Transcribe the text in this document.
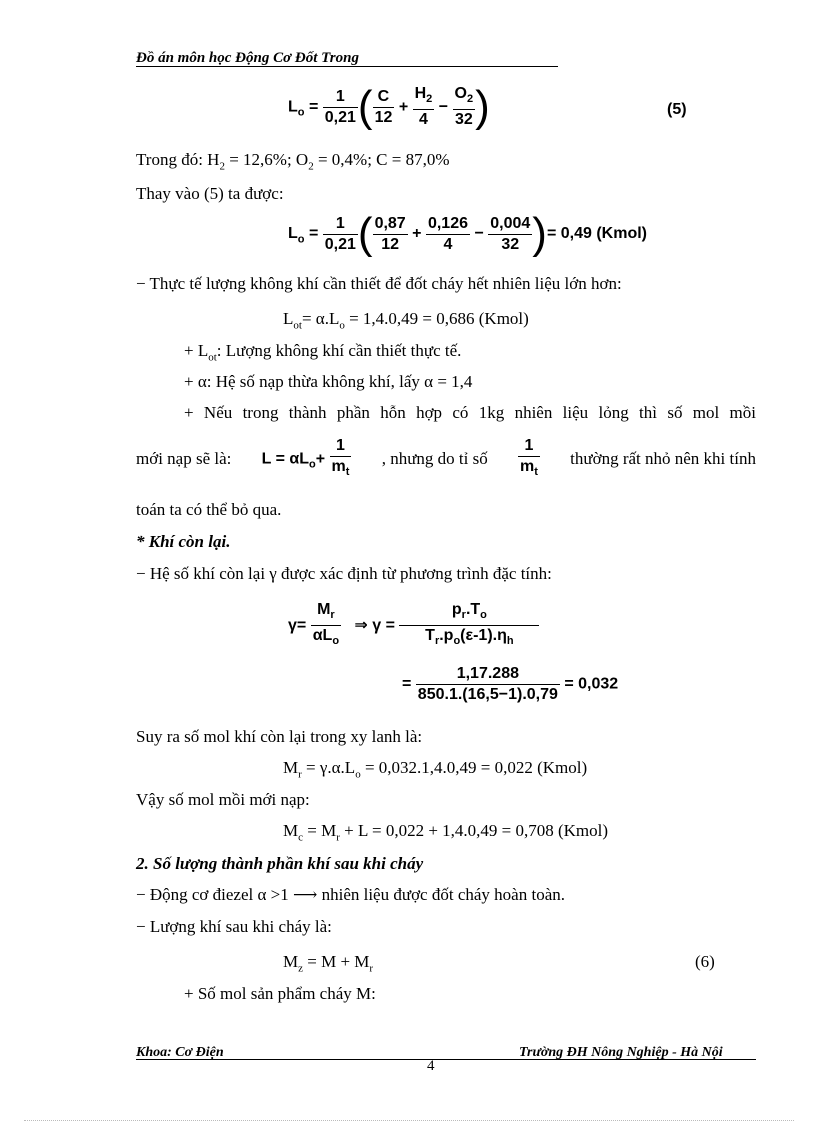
Đồ án môn học Động Cơ Đốt Trong
$L_o = \frac{1}{0,21}$ ( $\frac{C}{12} + \frac{H_2}{4} - \frac{O_2}{32}$ )	(5)
Trong đó: $H_2 = 12,6\%$; $O_2 = 0,4\%$; C = 87,0%
Thay vào (5) ta được:
$L_o = \frac{1}{0,21}$ ( $\frac{0,87}{12} + \frac{0,126}{4} - \frac{0,004}{32}$ )= 0,49 (Kmol)
− Thực tế lượng không khí cần thiết để đốt cháy hết nhiên liệu lớn hơn:
$L_{ot}= \alpha.L_o = 1,4.0,49 = 0,686$ (Kmol)
+ $L_{ot}$: Lượng không khí cần thiết thực tế.
+ α: Hệ số nạp thừa không khí, lấy α = 1,4
+ Nếu trong thành phần hỗn hợp có 1kg nhiên liệu lỏng thì số mol mồi
mới nạp sẽ là: $L = \alpha L_o+ \frac{1}{m_t}$ , nhưng do tỉ số $\frac{1}{m_t}$ thường rất nhỏ nên khi tính
toán ta có thể bỏ qua.
* Khí còn lại.
− Hệ số khí còn lại γ được xác định từ phương trình đặc tính:
$\gamma= \frac{M_r}{\alpha L_o}$ ⇒ $\gamma = \frac{p_r.T_o}{T_r.p_o(\varepsilon-1).\eta_h}$
= $\frac{1,17.288}{850.1.(16,5-1).0,79} = 0,032$
Suy ra số mol khí còn lại trong xy lanh là:
$M_r = \gamma.\alpha.L_o = 0,032.1,4.0,49 = 0,022$ (Kmol)
Vậy số mol mồi mới nạp:
$M_c = M_r + L = 0,022 + 1,4.0,49 = 0,708$ (Kmol)
2. Số lượng thành phần khí sau khi cháy
− Động cơ điezel α >1 ⟶ nhiên liệu được đốt cháy hoàn toàn.
− Lượng khí sau khi cháy là:
$M_z = M + M_r$	(6)
+ Số mol sản phẩm cháy M:
Khoa: Cơ Điện	Trường ĐH Nông Nghiệp - Hà Nội
4
